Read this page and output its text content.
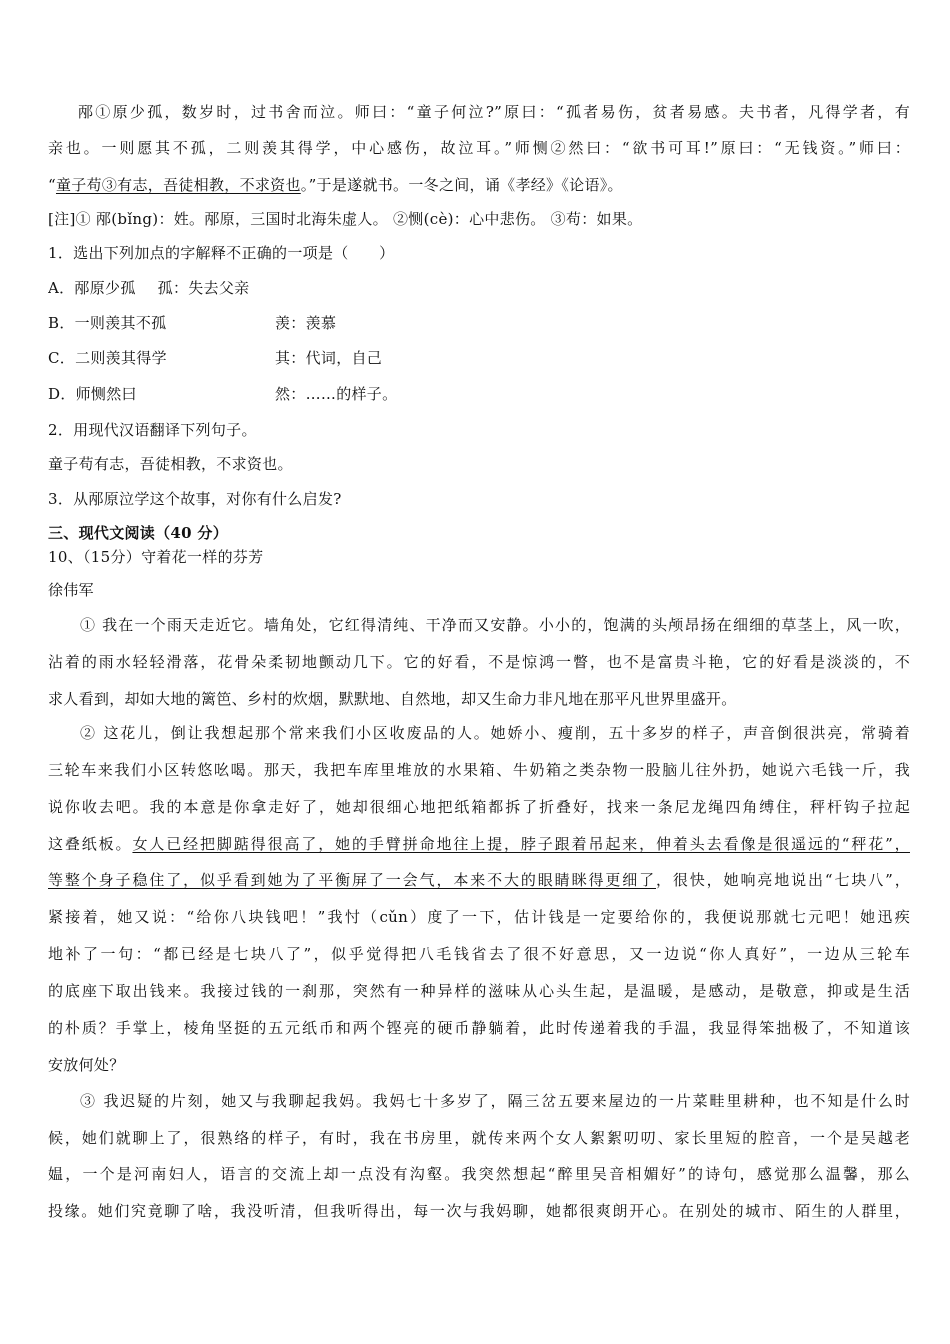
邴①原少孤，数岁时，过书舍而泣。师曰：“童子何泣?”原曰：“孤者易伤，贫者易感。夫书者，凡得学者，有
亲也。一则愿其不孤，二则羡其得学，中心感伤，故泣耳。”师恻②然曰：“欲书可耳!”原曰：“无钱资。”师曰：
“童子苟③有志，吾徒相教，不求资也。”于是遂就书。一冬之间，诵《孝经》《论语》。
[注]① 邴(bǐng)：姓。邴原，三国时北海朱虚人。 ②恻(cè)：心中悲伤。 ③苟：如果。
1．选出下列加点的字解释不正确的一项是（　　）
A．邴原少孤 孤：失去父亲
B．一则羡其不孤	羡：羡慕
C．二则羡其得学	其：代词，自己
D．师恻然曰	然：……的样子。
2．用现代汉语翻译下列句子。
童子苟有志，吾徒相教，不求资也。
3．从邴原泣学这个故事，对你有什么启发?
三、现代文阅读（40 分）
10、（15分）守着花一样的芬芳
徐伟军
① 我在一个雨天走近它。墙角处，它红得清纯、干净而又安静。小小的，饱满的头颅昂扬在细细的草茎上，风一吹，
沾着的雨水轻轻滑落，花骨朵柔韧地颤动几下。它的好看，不是惊鸿一瞥，也不是富贵斗艳，它的好看是淡淡的，不
求人看到，却如大地的篱笆、乡村的炊烟，默默地、自然地，却又生命力非凡地在那平凡世界里盛开。
② 这花儿，倒让我想起那个常来我们小区收废品的人。她娇小、瘦削，五十多岁的样子，声音倒很洪亮，常骑着
三轮车来我们小区转悠吆喝。那天，我把车库里堆放的水果箱、牛奶箱之类杂物一股脑儿往外扔，她说六毛钱一斤，我
说你收去吧。我的本意是你拿走好了，她却很细心地把纸箱都拆了折叠好，找来一条尼龙绳四角缚住，秤杆钩子拉起
这叠纸板。女人已经把脚踮得很高了，她的手臂拼命地往上提，脖子跟着吊起来，伸着头去看像是很遥远的“秤花”，
等整个身子稳住了，似乎看到她为了平衡屏了一会气，本来不大的眼睛眯得更细了，很快，她响亮地说出“七块八”，
紧接着，她又说：“给你八块钱吧！”我忖（cǔn）度了一下，估计钱是一定要给你的，我便说那就七元吧！她迅疾
地补了一句：“都已经是七块八了”，似乎觉得把八毛钱省去了很不好意思，又一边说“你人真好”，一边从三轮车
的底座下取出钱来。我接过钱的一刹那，突然有一种异样的滋味从心头生起，是温暖，是感动，是敬意，抑或是生活
的朴质？手掌上，棱角坚挺的五元纸币和两个铿亮的硬币静躺着，此时传递着我的手温，我显得笨拙极了，不知道该
安放何处？
③ 我迟疑的片刻，她又与我聊起我妈。我妈七十多岁了，隔三岔五要来屋边的一片菜畦里耕种，也不知是什么时
候，她们就聊上了，很熟络的样子，有时，我在书房里，就传来两个女人絮絮叨叨、家长里短的腔音，一个是吴越老
媪，一个是河南妇人，语言的交流上却一点没有沟壑。我突然想起“醉里吴音相媚好”的诗句，感觉那么温馨，那么
投缘。她们究竟聊了啥，我没听清，但我听得出，每一次与我妈聊，她都很爽朗开心。在别处的城市、陌生的人群里，
